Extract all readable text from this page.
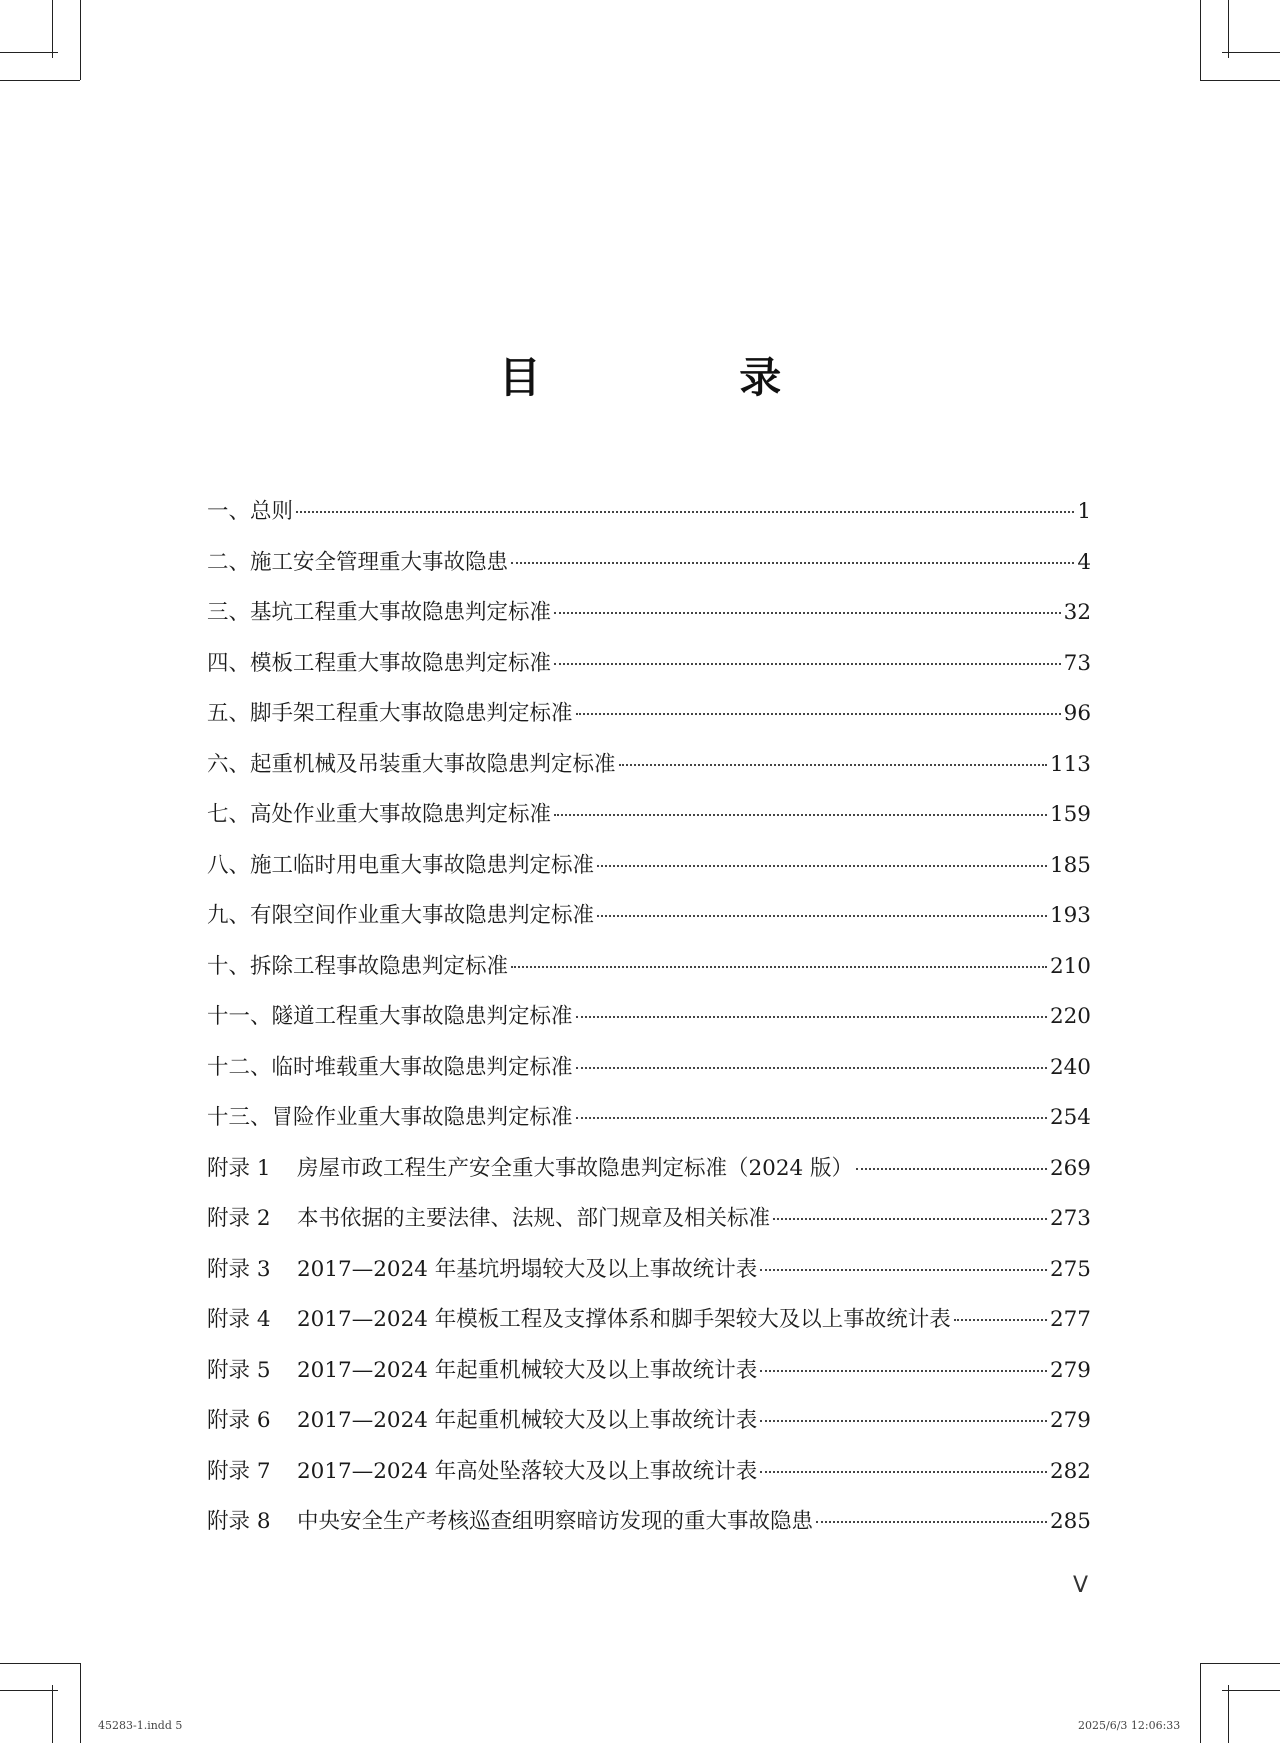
目 录
一、 总则	1
二、 施工安全管理重大事故隐患	4
三、 基坑工程重大事故隐患判定标准	32
四、 模板工程重大事故隐患判定标准	73
五、 脚手架工程重大事故隐患判定标准	96
六、 起重机械及吊装重大事故隐患判定标准	113
七、 高处作业重大事故隐患判定标准	159
八、 施工临时用电重大事故隐患判定标准	185
九、 有限空间作业重大事故隐患判定标准	193
十、 拆除工程事故隐患判定标准	210
十一、 隧道工程重大事故隐患判定标准	220
十二、 临时堆载重大事故隐患判定标准	240
十三、 冒险作业重大事故隐患判定标准	254
附录 1	房屋市政工程生产安全重大事故隐患判定标准（2024 版）	269
附录 2	本书依据的主要法律、法规、部门规章及相关标准	273
附录 3	2017—2024 年基坑坍塌较大及以上事故统计表	275
附录 4	2017—2024 年模板工程及支撑体系和脚手架较大及以上事故统计表	277
附录 5	2017—2024 年起重机械较大及以上事故统计表	279
附录 6	2017—2024 年起重机械较大及以上事故统计表	279
附录 7	2017—2024 年高处坠落较大及以上事故统计表	282
附录 8	中央安全生产考核巡查组明察暗访发现的重大事故隐患	285
V
45283-1.indd 5	2025/6/3 12:06:33
